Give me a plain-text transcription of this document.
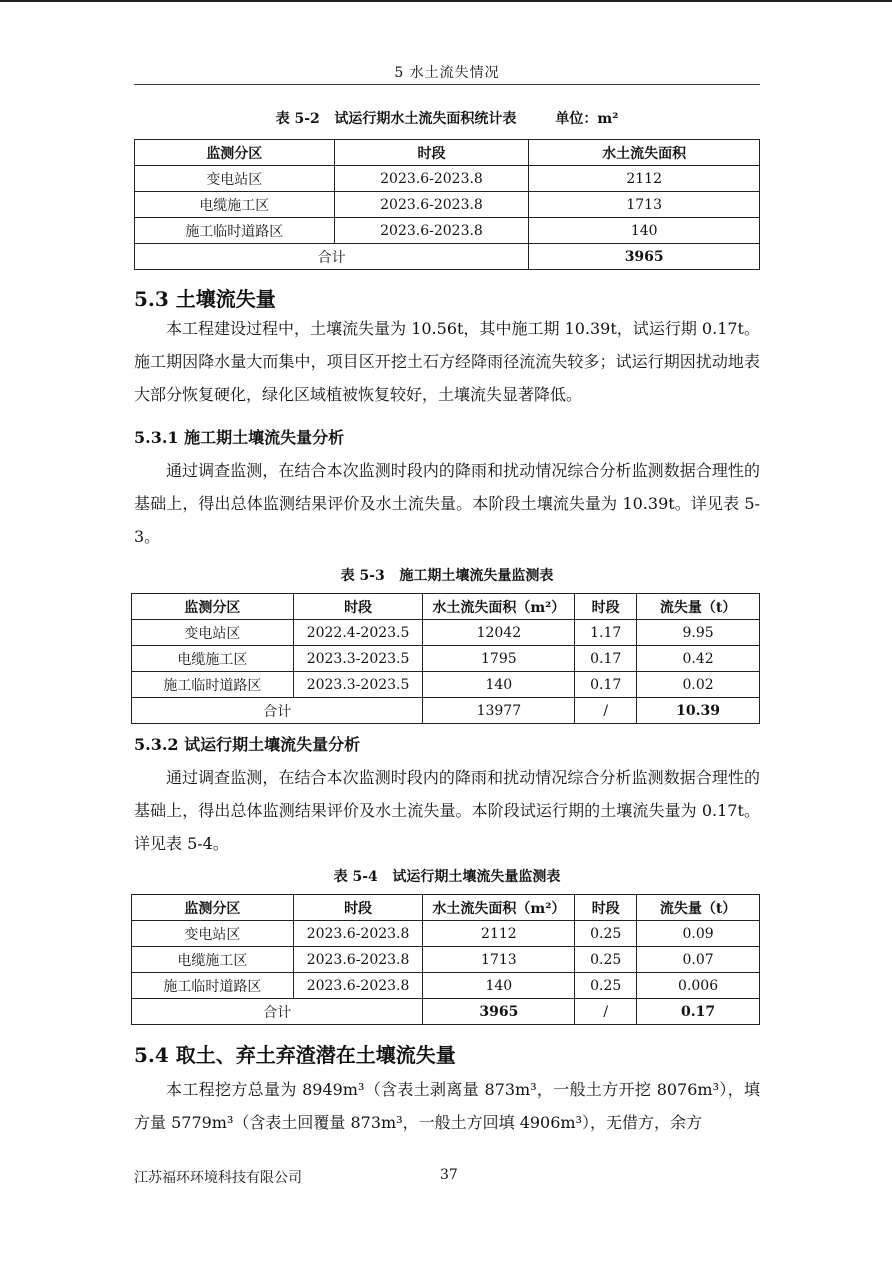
5 水土流失情况
表 5-2   试运行期水土流失面积统计表        单位：m²
监测分区	时段	水土流失面积
变电站区	2023.6-2023.8	2112
电缆施工区	2023.6-2023.8	1713
施工临时道路区	2023.6-2023.8	140
合计		3965
5.3 土壤流失量

本工程建设过程中，土壤流失量为 10.56t，其中施工期 10.39t，试运行期 0.17t。施工期因降水量大而集中，项目区开挖土石方经降雨径流流失较多；试运行期因扰动地表大部分恢复硬化，绿化区域植被恢复较好，土壤流失显著降低。

5.3.1 施工期土壤流失量分析

通过调查监测，在结合本次监测时段内的降雨和扰动情况综合分析监测数据合理性的基础上，得出总体监测结果评价及水土流失量。本阶段土壤流失量为 10.39t。详见表 5-3。

表 5-3   施工期土壤流失量监测表
监测分区	时段	水土流失面积（m²）	时段	流失量（t）
变电站区	2022.4-2023.5	12042	1.17	9.95
电缆施工区	2023.3-2023.5	1795	0.17	0.42
施工临时道路区	2023.3-2023.5	140	0.17	0.02
合计		13977	/	10.39
5.3.2 试运行期土壤流失量分析

通过调查监测，在结合本次监测时段内的降雨和扰动情况综合分析监测数据合理性的基础上，得出总体监测结果评价及水土流失量。本阶段试运行期的土壤流失量为 0.17t。详见表 5-4。

表 5-4   试运行期土壤流失量监测表
监测分区	时段	水土流失面积（m²）	时段	流失量（t）
变电站区	2023.6-2023.8	2112	0.25	0.09
电缆施工区	2023.6-2023.8	1713	0.25	0.07
施工临时道路区	2023.6-2023.8	140	0.25	0.006
合计		3965	/	0.17
5.4 取土、弃土弃渣潜在土壤流失量

本工程挖方总量为 8949m³（含表土剥离量 873m³，一般土方开挖 8076m³），填方量 5779m³（含表土回覆量 873m³，一般土方回填 4906m³），无借方，余方

江苏福环环境科技有限公司	37
